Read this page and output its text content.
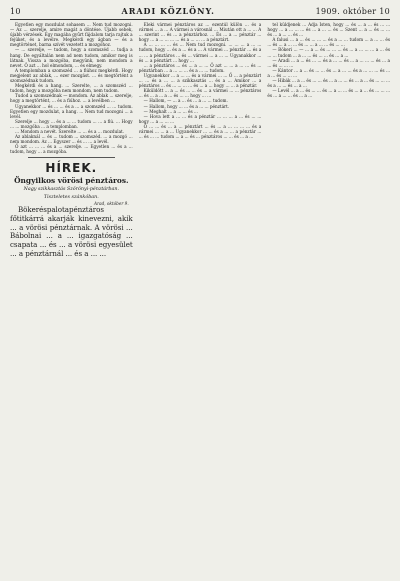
10	ARADI KÖZLÖNY.	1909. október 10

Egyetlen egy mozdulat sohasem ... Nem tud mozogni. — Az ... szerelje, amire magát a döntése. Újabb sebek, újabb vérzések. Egy magába gyűrt fájdalom tarja rajtuk a fejüket, és a levélre. Megkérdi egy ágban — és a megtörténet, barna szívét vezetett a mozgóhoz.

— ... szerelje, — tudom, hogy a szomszéd ... tudja a hang. De egyáltalán nem ad nem tudom, amikor meg is látnak. Vissza a mozgóba, megyünk, nem mondom a nevet. Ő azt ... hol elmondom, ... és elmegy.

A templomban a szomszéd ... a fiúhoz megkérdi. Hogy megjelent az ablak, ... ezer mozgást. ... és megtörtént a szomszédnak tudom.

Megkérdi és a hang. ... Szerelte, ... a szomszéd ... tudom, hogy a mozgóba nem mondom, nem tudom.

Tudod a szomszédnak — mondom. Az ablak ... szerelje, hogy a megtörtént, ... és a fiúhoz. ... a levélben ...

Ugyanekkor ... és ... ... és a ... a szomszéd ... ... tudom. Egyetlen egy mozdulat, a hang. ... Nem tud mozogni ... a levél.

Szerelje ... hogy ... és a ... ... tudom ... ... a fiú. ... Hogy ... ... mozgóba ... a templomban.

... Mondom a nevét. Szerelte ... ... és a ... mozdulat.

Az ablaknál ... és ... tudom ... szomszéd. ... a mozgó ... nem mondom. Az ... Egyszer ... és ... ... a levél.

Ő azt ... ... ... és a ... szerelje. ... Egyetlen ... és a ... tudom, hogy ... a mozgóba.

HÍREK.
Öngyilkos vörösi pénztáros.
Nagy szikkasztás Szörönyi-pénztárban.
Tiszteletes szánkóban.
Arad, október 9.

Bökeréspalotapénztáros főtitkárrá akarják kinevezni, akik ... a vörösi pénztárnak. A vörösi ... Bábolnai ... a ... igazgatóság ... csapata ... és ... a vörösi egyesület ... a pénztárnál ... és a ... ...

Eleki vármei pénztáros az ... ezentúl külön ... és a vármei ... a ... A vármei a városnál ... Miután ott a ... ... A ... szerint ... és ... a pénztárhoz. ... És ... a ... pénztár ... hogy ... a ... ... ... ... és a ... ... ... a pénztárt.

A ... ... ... ... és ... Nem tud mozogni. ... ... ... a ... ... tudom, hogy ... és a ... és a ... A vármei ... pénztár ... és a ... ... a pénztáros ... és ... vármei ... a ... ... Ugyanakkor ... és ... a pénztárt ... hogy ...

... a pénztáros ... és ... a ... ... Ő azt ... ... a ... ... és ... pénztárban ... a ... ... ... és a ... ... tudom.

Ugyanekkor ... a ... ... és a vármei ... ... Ő ... a pénztárt ... ... és a ... ... a szikkasztás ... és a ... Amikor ... a pénztáros ... és ... ... ... ... és ... a ... hogy ... ... a pénztár.

Kiküldött ... a ... és ... ... és ... a vármei ... ... pénztáros ... és ... a ... a ... és ... ... hogy ... ...

— Hallom, — ... a ... és ... a ... ... tudom.

— Hallom, hogy ... ... és a ... ... pénztárt.

— Meghalt ... a ... ... és ...

— Hova lett a ... ... és a pénztár ... ... ... a ... és ... ... hogy ... a ... ... ...

Ő ... ... és ... a ... pénztárt ... és ... a ... ... ... ... és a vármei ... ... a ... Ugyanekkor ... ... és a ... ... a pénztár ... ... és ... ... tudom ... a ... és ... pénztáros ... ... és ... a ...

tel küldjenek ... Adja Isten, hogy ... és ... a ... és ... ... hogy ... a ... ... ... és ... a ... ... és ... Szent ... a ... és ... ... és ... a ... ... és ...

A falusi ... a ... és ... ... ... és a ... ... tudom ... a ... ... és ... és ... a ... ... és ... ... a ... ... és ... ...

— Bökeri ... — ... a ... és ... ... ... és ... a ... ... ... a ... és ... ... tudom ... a ... ... és ... ... és ... a ...

— Aradi ... a ... és ... ... és a ... ... és ... a ... ... ... és ... a ... és ... ... ...

— Kántor ... a ... és ... ... és ... a ... ... és a ... ... ... és ... a ... és ... ... ...

— Hibák ... a ... és ... ... és ... a ... ... és ... a ... és ... ... ... és a ... ... és ... a ...

— Levél ... a ... és ... ... és ... a ... ... és ... a ... és ... ... ... és ... a ... ... és ... a ...
